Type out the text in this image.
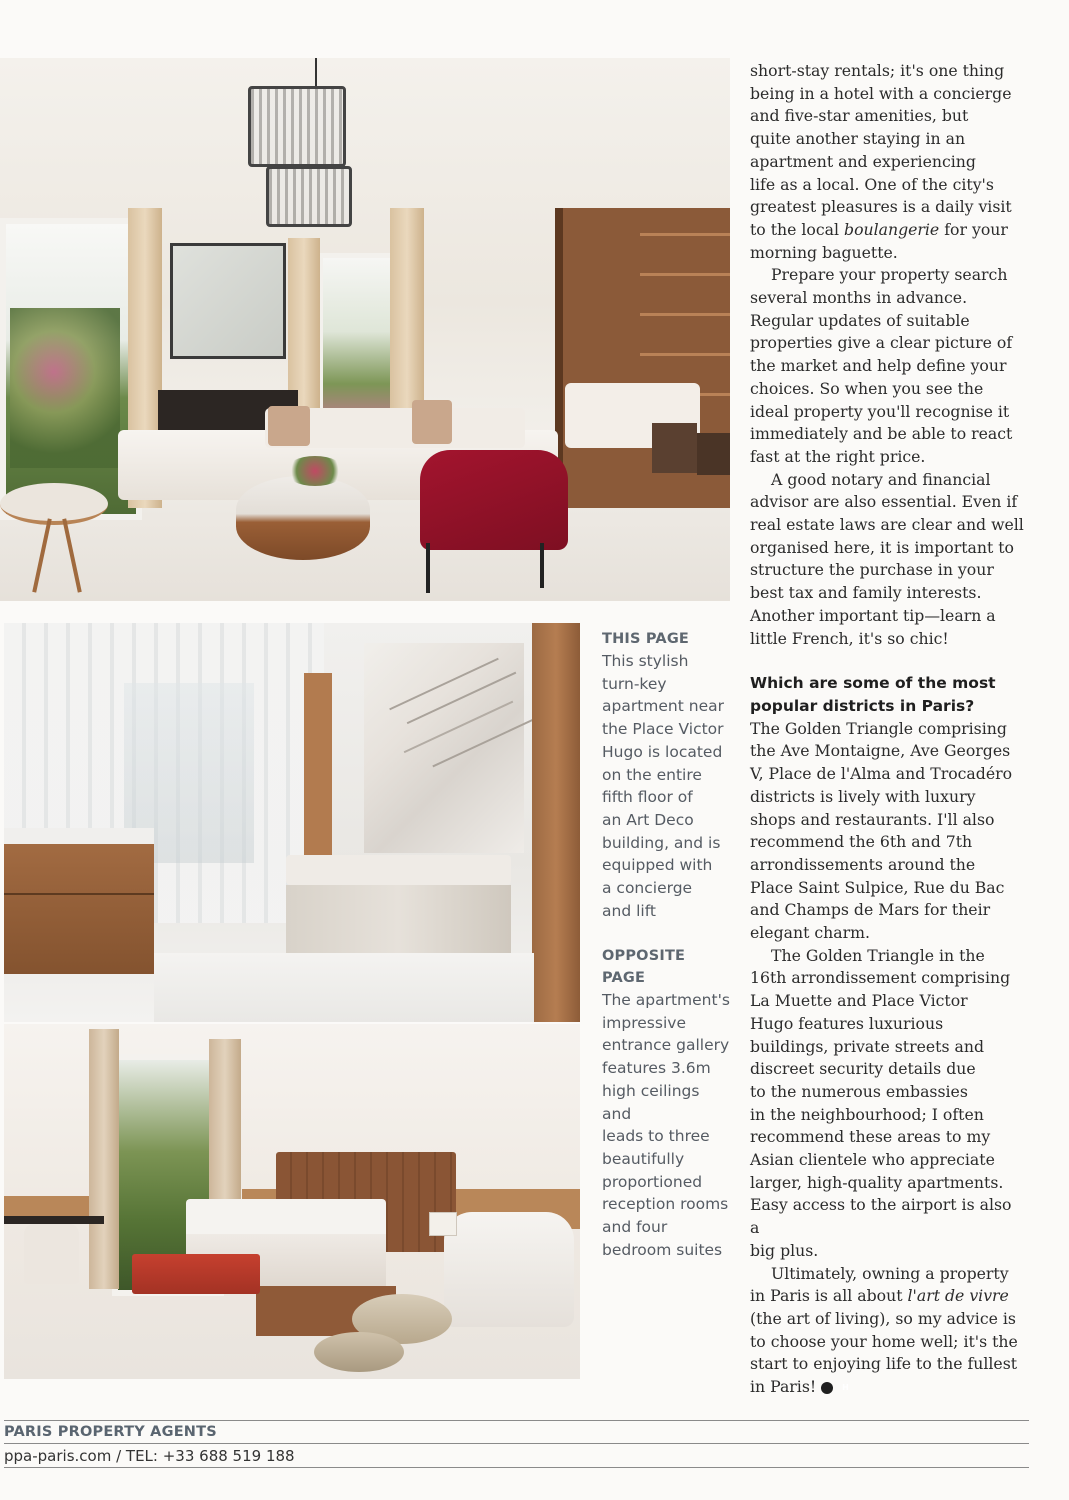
THIS PAGE
This stylish
turn-key
apartment near
the Place Victor
Hugo is located
on the entire
fifth floor of
an Art Deco
building, and is
equipped with
a concierge
and lift
OPPOSITE PAGE
The apartment's
impressive
entrance gallery
features 3.6m
high ceilings and
leads to three
beautifully
proportioned
reception rooms
and four
bedroom suites

short-stay rentals; it's one thing
being in a hotel with a concierge
and five-star amenities, but
quite another staying in an
apartment and experiencing
life as a local. One of the city's
greatest pleasures is a daily visit
to the local boulangerie for your
morning baguette.

Prepare your property search
several months in advance.
Regular updates of suitable
properties give a clear picture of
the market and help define your
choices. So when you see the
ideal property you'll recognise it
immediately and be able to react
fast at the right price.

A good notary and financial
advisor are also essential. Even if
real estate laws are clear and well
organised here, it is important to
structure the purchase in your
best tax and family interests.
Another important tip—learn a
little French, it's so chic!

Which are some of the most
popular districts in Paris?

The Golden Triangle comprising
the Ave Montaigne, Ave Georges
V, Place de l'Alma and Trocadéro
districts is lively with luxury
shops and restaurants. I'll also
recommend the 6th and 7th
arrondissements around the
Place Saint Sulpice, Rue du Bac
and Champs de Mars for their
elegant charm.

The Golden Triangle in the
16th arrondissement comprising
La Muette and Place Victor
Hugo features luxurious
buildings, private streets and
discreet security details due
to the numerous embassies
in the neighbourhood; I often
recommend these areas to my
Asian clientele who appreciate
larger, high-quality apartments.
Easy access to the airport is also a
big plus.

Ultimately, owning a property
in Paris is all about l'art de vivre
(the art of living), so my advice is
to choose your home well; it's the
start to enjoying life to the fullest
in Paris!	H

PARIS PROPERTY AGENTS
ppa-paris.com / TEL: +33 688 519 188
